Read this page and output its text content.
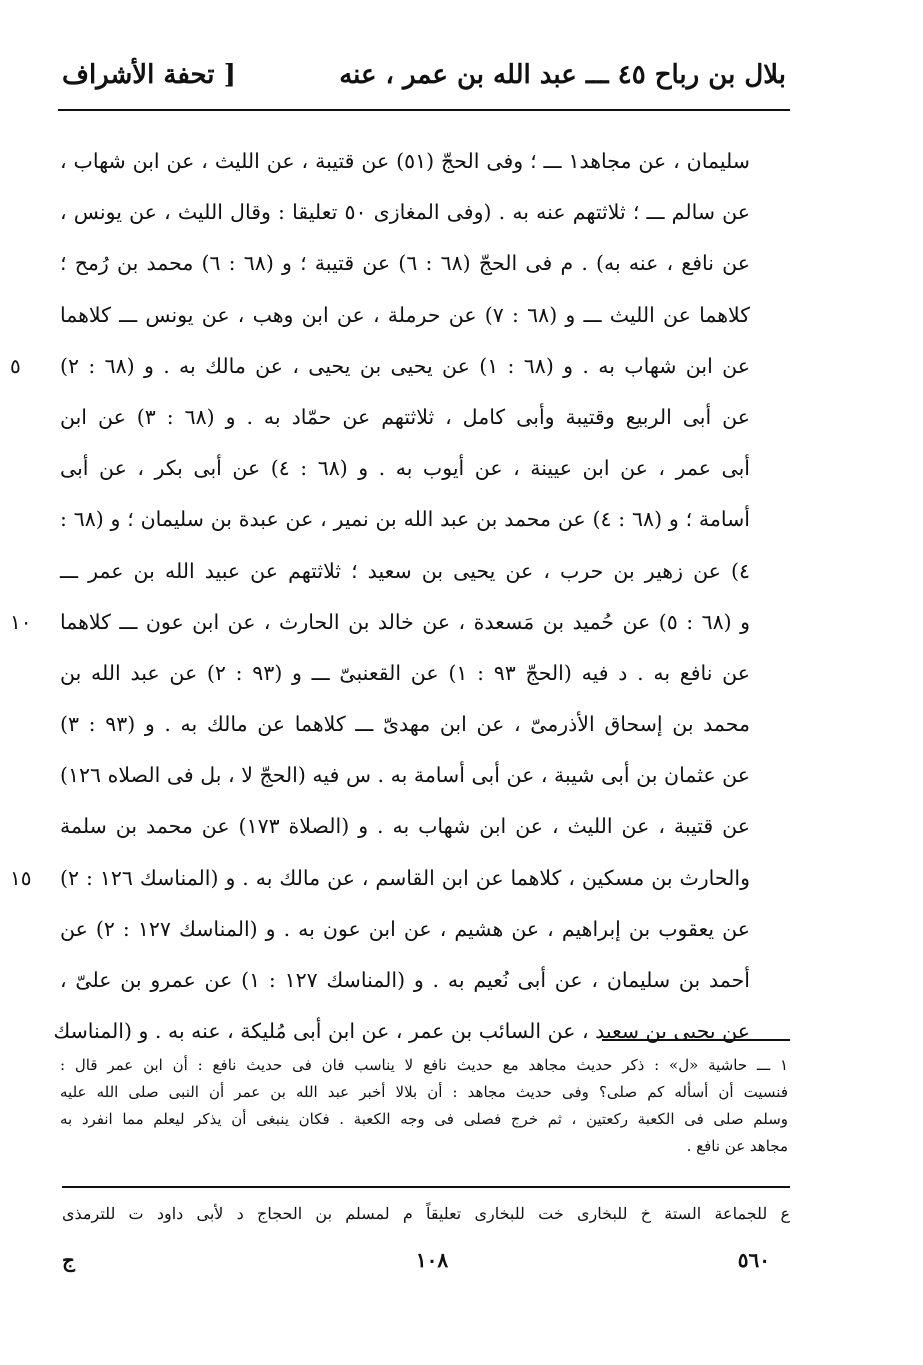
بلال بن رباح ٤٥ ـــ عبد الله بن عمر ، عنه
[ تحفة الأشراف
سليمان ، عن مجاهد١ ـــ ؛ وفى الحجّ (٥١) عن قتيبة ، عن الليث ، عن ابن شهاب ،
عن سالم ـــ ؛ ثلاثتهم عنه به . (وفى المغازى ٥٠ تعليقا : وقال الليث ، عن يونس ،
عن نافع ، عنه به) . م فى الحجّ (٦٨ : ٦) عن قتيبة ؛ و (٦٨ : ٦) محمد بن رُمح ؛
كلاهما عن الليث ـــ و (٦٨ : ٧) عن حرملة ، عن ابن وهب ، عن يونس ـــ كلاهما
عن ابن شهاب به . و (٦٨ : ١) عن يحيى بن يحيى ، عن مالك به . و (٦٨ : ٢)
٥
عن أبى الربيع وقتيبة وأبى كامل ، ثلاثتهم عن حمّاد به . و (٦٨ : ٣) عن ابن
أبى عمر ، عن ابن عيينة ، عن أيوب به . و (٦٨ : ٤) عن أبى بكر ، عن أبى
أسامة ؛ و (٦٨ : ٤) عن محمد بن عبد الله بن نمير ، عن عبدة بن سليمان ؛ و (٦٨ :
٤) عن زهير بن حرب ، عن يحيى بن سعيد ؛ ثلاثتهم عن عبيد الله بن عمر ـــ
و (٦٨ : ٥) عن حُميد بن مَسعدة ، عن خالد بن الحارث ، عن ابن عون ـــ كلاهما
١٠
عن نافع به . د فيه (الحجّ ٩٣ : ١) عن القعنبىّ ـــ و (٩٣ : ٢) عن عبد الله بن
محمد بن إسحاق الأذرمىّ ، عن ابن مهدىّ ـــ كلاهما عن مالك به . و (٩٣ : ٣)
عن عثمان بن أبى شيبة ، عن أبى أسامة به . س فيه (الحجّ لا ، بل فى الصلاه ١٢٦)
عن قتيبة ، عن الليث ، عن ابن شهاب به . و (الصلاة ١٧٣) عن محمد بن سلمة
والحارث بن مسكين ، كلاهما عن ابن القاسم ، عن مالك به . و (المناسك ١٢٦ : ٢)
١٥
عن يعقوب بن إبراهيم ، عن هشيم ، عن ابن عون به . و (المناسك ١٢٧ : ٢) عن
أحمد بن سليمان ، عن أبى نُعيم به . و (المناسك ١٢٧ : ١) عن عمرو بن علىّ ،
عن يحيى بن سعيد ، عن السائب بن عمر ، عن ابن أبى مُليكة ، عنه به . و (المناسك
١ ـــ حاشية «ل» : ذكر حديث مجاهد مع حديث نافع لا يناسب فان فى حديث نافع : أن ابن عمر قال :
فنسيت أن أسأله كم صلى؟ وفى حديث مجاهد : أن بلالا أخبر عبد الله بن عمر أن النبى صلى الله عليه
وسلم صلى فى الكعبة ركعتين ، ثم خرج فصلى فى وجه الكعبة . فكان ينبغى أن يذكر ليعلم مما انفرد به
مجاهد عن نافع .
ع للجماعة الستة خ للبخارى خت للبخارى تعليقاً م لمسلم بن الحجاج د لأبى داود ت للترمذى
٥٦٠
١٠٨
ج
